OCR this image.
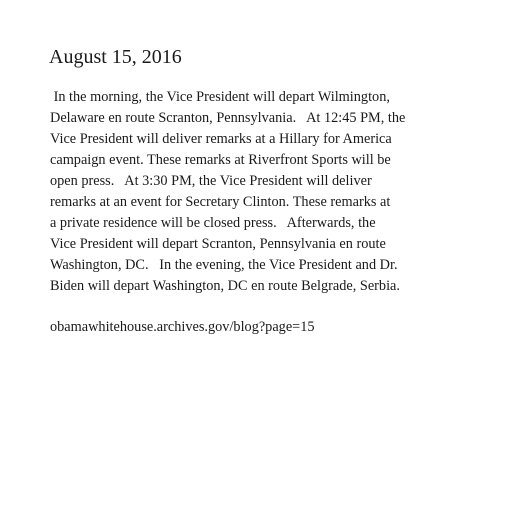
August 15, 2016
In the morning, the Vice President will depart Wilmington,
Delaware en route Scranton, Pennsylvania.   At 12:45 PM, the
Vice President will deliver remarks at a Hillary for America
campaign event. These remarks at Riverfront Sports will be
open press.   At 3:30 PM, the Vice President will deliver
remarks at an event for Secretary Clinton. These remarks at
a private residence will be closed press.   Afterwards, the
Vice President will depart Scranton, Pennsylvania en route
Washington, DC.   In the evening, the Vice President and Dr.
Biden will depart Washington, DC en route Belgrade, Serbia.
obamawhitehouse.archives.gov/blog?page=15
